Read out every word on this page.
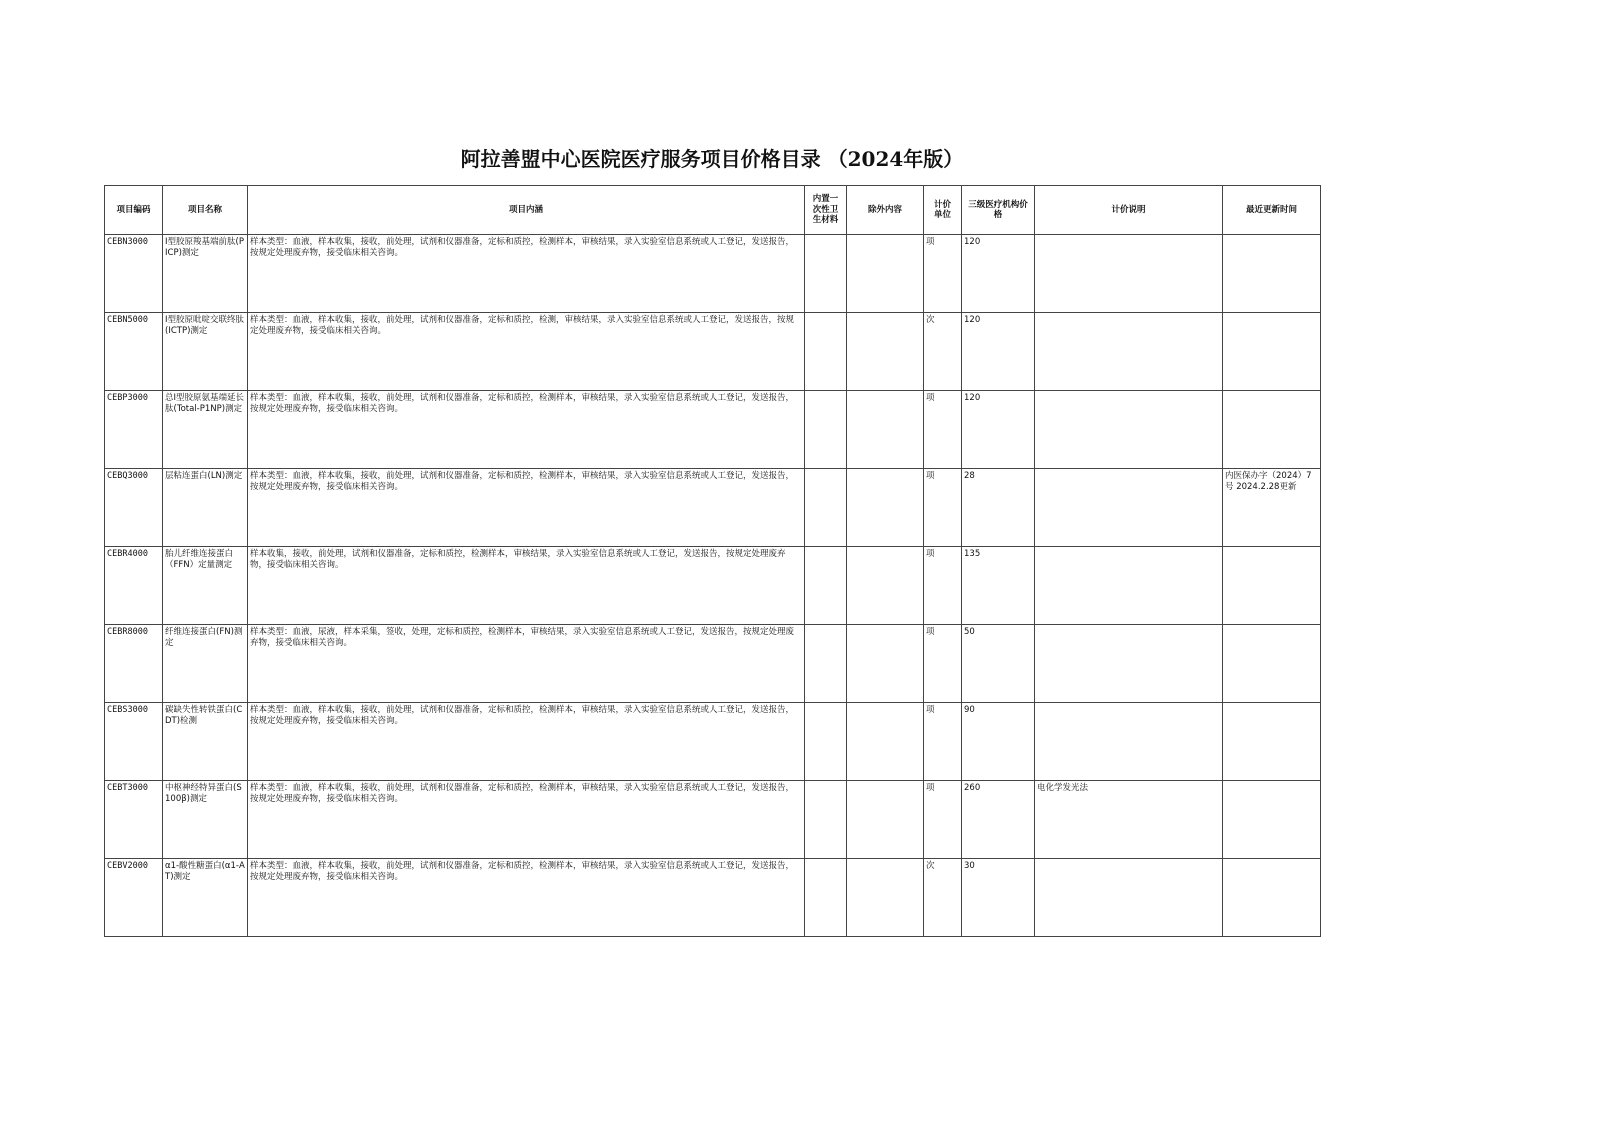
阿拉善盟中心医院医疗服务项目价格目录 （2024年版）
项目编码	项目名称	项目内涵	内置一次性卫生材料	除外内容	计价单位	三级医疗机构价格	计价说明	最近更新时间
CEBN3000	Ⅰ型胶原羧基端前肽(PICP)测定	样本类型：血液，样本收集，接收，前处理，试剂和仪器准备，定标和质控，检测样本，审核结果，录入实验室信息系统或人工登记，发送报告，按规定处理废弃物，接受临床相关咨询。			项	120		
CEBN5000	Ⅰ型胶原吡啶交联终肽(ICTP)测定	样本类型：血液，样本收集，接收，前处理，试剂和仪器准备，定标和质控，检测，审核结果，录入实验室信息系统或人工登记，发送报告，按规定处理废弃物，接受临床相关咨询。			次	120		
CEBP3000	总Ⅰ型胶原氨基端延长肽(Total-P1NP)测定	样本类型：血液，样本收集，接收，前处理，试剂和仪器准备，定标和质控，检测样本，审核结果，录入实验室信息系统或人工登记，发送报告，按规定处理废弃物，接受临床相关咨询。			项	120		
CEBQ3000	层粘连蛋白(LN)测定	样本类型：血液，样本收集，接收，前处理，试剂和仪器准备，定标和质控，检测样本，审核结果，录入实验室信息系统或人工登记，发送报告，按规定处理废弃物，接受临床相关咨询。			项	28		内医保办字（2024）7号 2024.2.28更新
CEBR4000	胎儿纤维连接蛋白（FFN）定量测定	样本收集，接收，前处理，试剂和仪器准备，定标和质控，检测样本，审核结果，录入实验室信息系统或人工登记，发送报告，按规定处理废弃物，接受临床相关咨询。			项	135		
CEBR8000	纤维连接蛋白(FN)测定	样本类型：血液，尿液，样本采集，签收，处理，定标和质控，检测样本，审核结果，录入实验室信息系统或人工登记，发送报告，按规定处理废弃物，接受临床相关咨询。			项	50		
CEBS3000	碳缺失性转铁蛋白(CDT)检测	样本类型：血液，样本收集，接收，前处理，试剂和仪器准备，定标和质控，检测样本，审核结果，录入实验室信息系统或人工登记，发送报告，按规定处理废弃物，接受临床相关咨询。			项	90		
CEBT3000	中枢神经特异蛋白(S100β)测定	样本类型：血液，样本收集，接收，前处理，试剂和仪器准备，定标和质控，检测样本，审核结果，录入实验室信息系统或人工登记，发送报告，按规定处理废弃物，接受临床相关咨询。			项	260	电化学发光法	
CEBV2000	α1-酸性糖蛋白(α1-AT)测定	样本类型：血液，样本收集，接收，前处理，试剂和仪器准备，定标和质控，检测样本，审核结果，录入实验室信息系统或人工登记，发送报告，按规定处理废弃物，接受临床相关咨询。			次	30		
